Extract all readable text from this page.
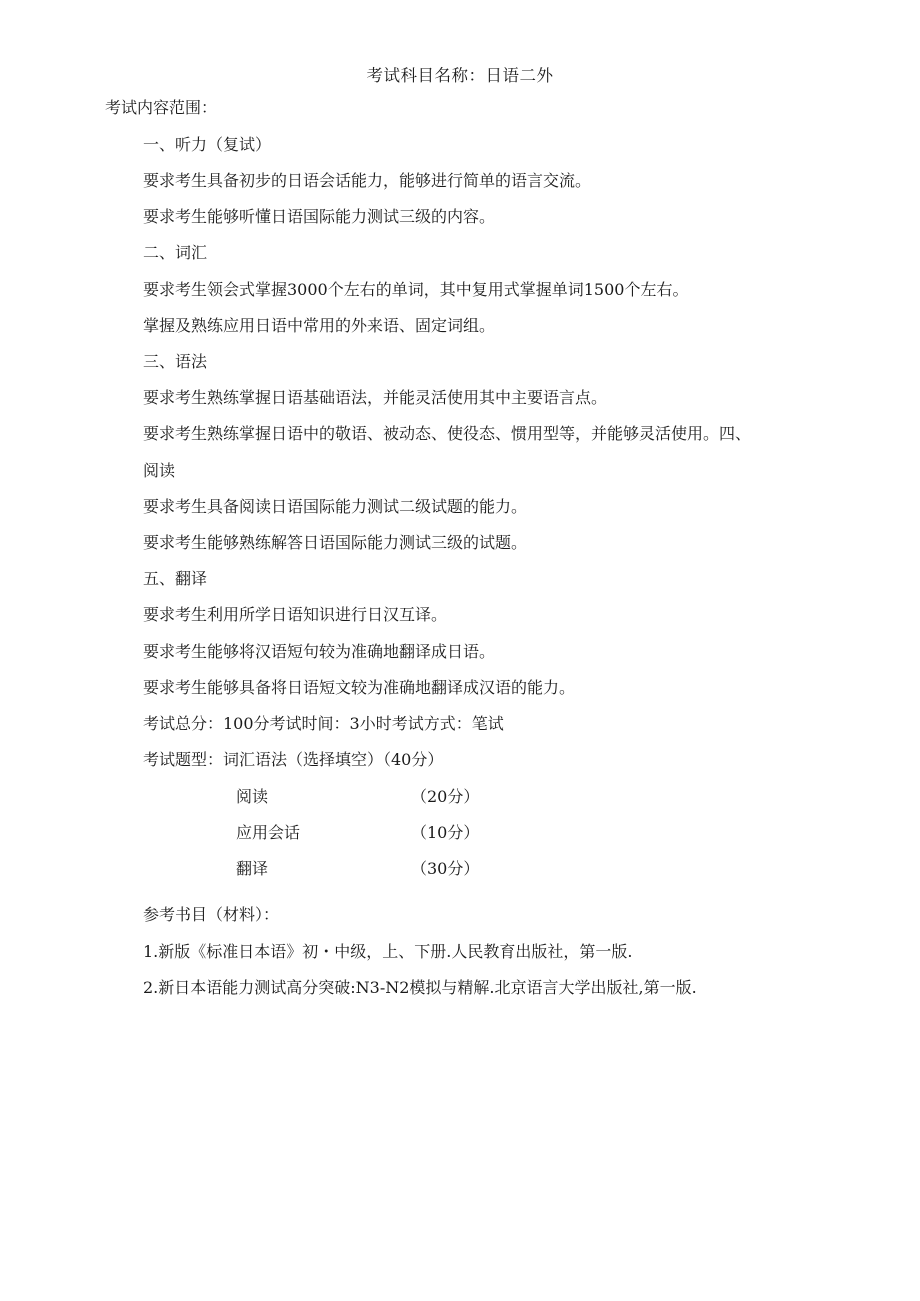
考试科目名称：日语二外
考试内容范围：
一、听力（复试）
要求考生具备初步的日语会话能力，能够进行简单的语言交流。
要求考生能够听懂日语国际能力测试三级的内容。
二、词汇
要求考生领会式掌握3000个左右的单词，其中复用式掌握单词1500个左右。
掌握及熟练应用日语中常用的外来语、固定词组。
三、语法
要求考生熟练掌握日语基础语法，并能灵活使用其中主要语言点。
要求考生熟练掌握日语中的敬语、被动态、使役态、惯用型等，并能够灵活使用。四、
阅读
要求考生具备阅读日语国际能力测试二级试题的能力。
要求考生能够熟练解答日语国际能力测试三级的试题。
五、翻译
要求考生利用所学日语知识进行日汉互译。
要求考生能够将汉语短句较为准确地翻译成日语。
要求考生能够具备将日语短文较为准确地翻译成汉语的能力。
考试总分：100分考试时间：3小时考试方式：笔试
考试题型：词汇语法（选择填空）（40分）
阅读	（20分）
应用会话	（10分）
翻译	（30分）
参考书目（材料）：
1.新版《标准日本语》初・中级，上、下册.人民教育出版社，第一版.
2.新日本语能力测试高分突破:N3-N2模拟与精解.北京语言大学出版社,第一版.
